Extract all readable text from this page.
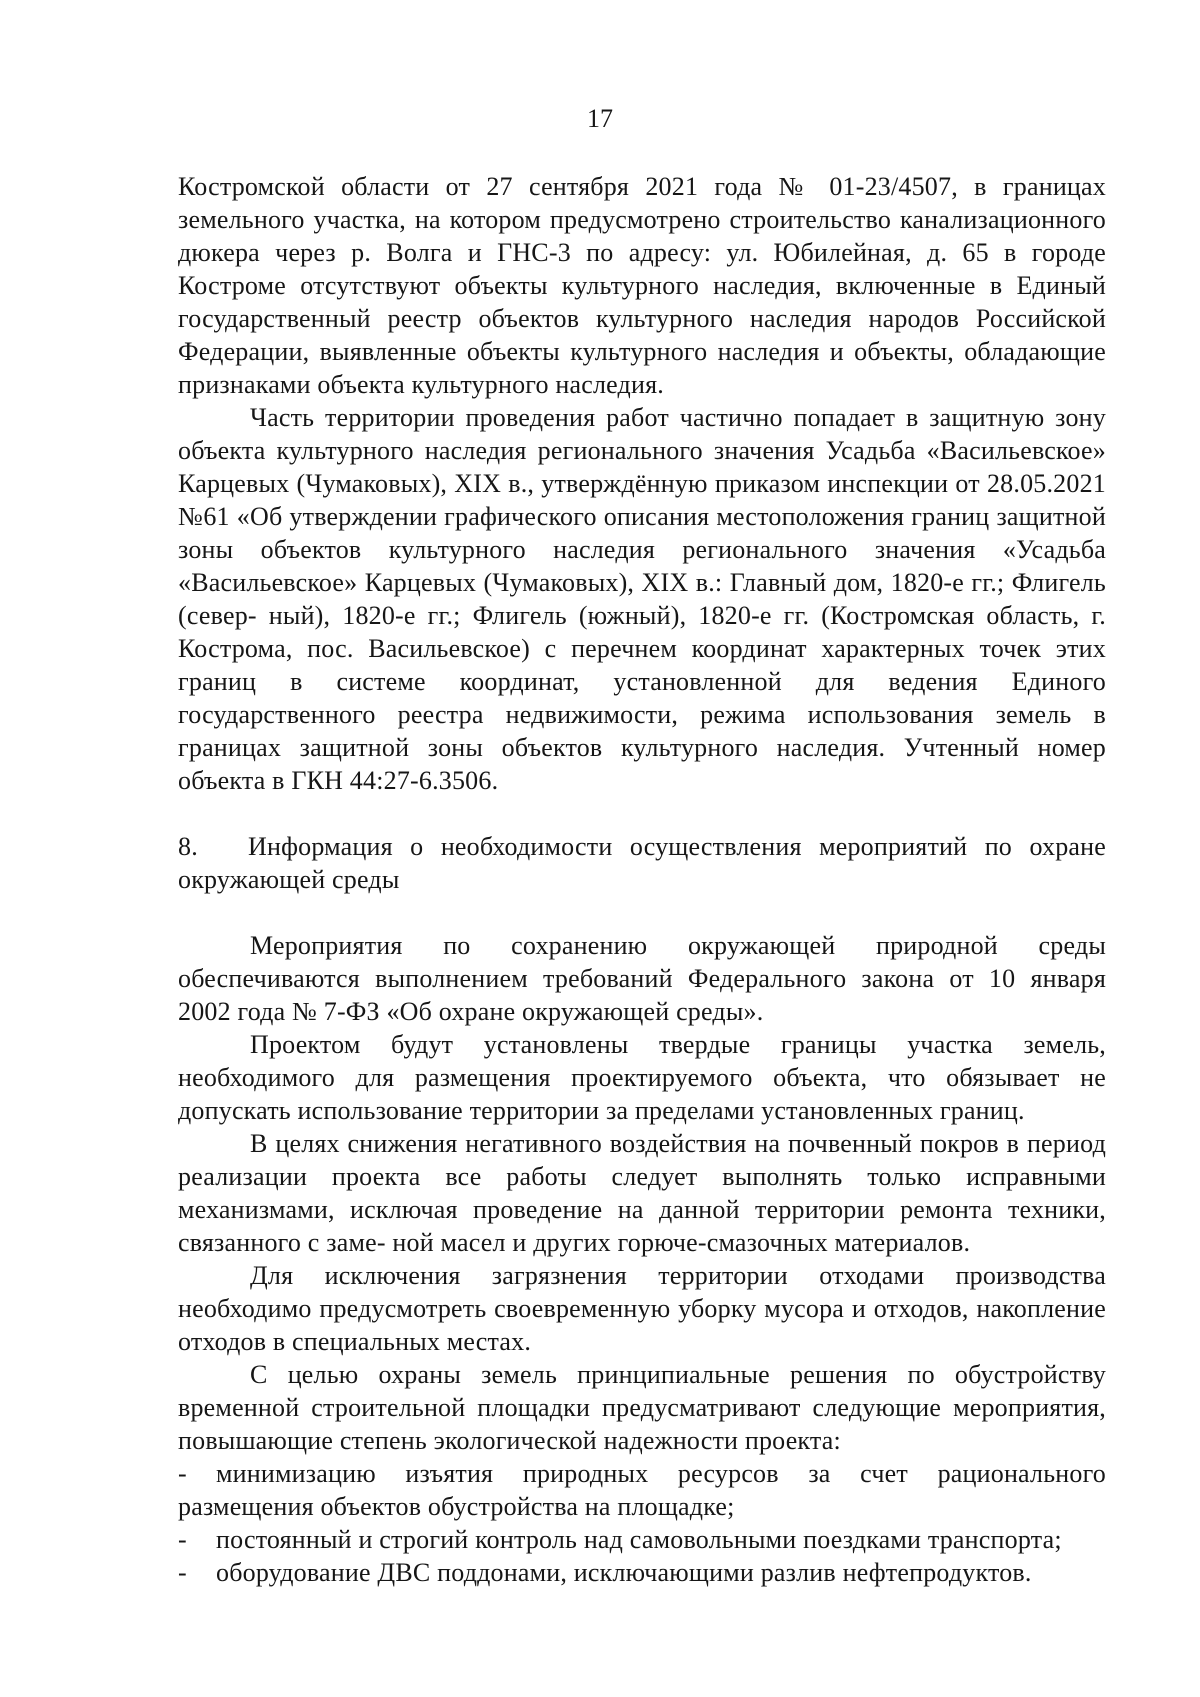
17

Костромской области от 27 сентября 2021 года № 01-23/4507, в границах земельного участка, на котором предусмотрено строительство канализационного дюкера через р. Волга и ГНС-3 по адресу: ул. Юбилейная, д. 65 в городе Костроме отсутствуют объекты культурного наследия, включенные в Единый государственный реестр объектов культурного наследия народов Российской Федерации, выявленные объекты культурного наследия и объекты, обладающие признаками объекта культурного наследия.

Часть территории проведения работ частично попадает в защитную зону объекта культурного наследия регионального значения Усадьба «Васильевское» Карцевых (Чумаковых), XIX в., утверждённую приказом инспекции от 28.05.2021 №61 «Об утверждении графического описания местоположения границ защитной зоны объектов культурного наследия регионального значения «Усадьба «Васильевское» Карцевых (Чумаковых), XIX в.: Главный дом, 1820-е гг.; Флигель (север- ный), 1820-е гг.; Флигель (южный), 1820-е гг. (Костромская область, г. Кострома, пос. Васильевское) с перечнем координат характерных точек этих границ в системе координат, установленной для ведения Единого государственного реестра недвижимости, режима использования земель в границах защитной зоны объектов культурного наследия. Учтенный номер объекта в ГКН 44:27-6.3506.

8. Информация о необходимости осуществления мероприятий по охране окружающей среды

Мероприятия по сохранению окружающей природной среды обеспечиваются выполнением требований Федерального закона от 10 января 2002 года № 7-ФЗ «Об охране окружающей среды».

Проектом будут установлены твердые границы участка земель, необходимого для размещения проектируемого объекта, что обязывает не допускать использование территории за пределами установленных границ.

В целях снижения негативного воздействия на почвенный покров в период реализации проекта все работы следует выполнять только исправными механизмами, исключая проведение на данной территории ремонта техники, связанного с заме- ной масел и других горюче-смазочных материалов.

Для исключения загрязнения территории отходами производства необходимо предусмотреть своевременную уборку мусора и отходов, накопление отходов в специальных местах.

С целью охраны земель принципиальные решения по обустройству временной строительной площадки предусматривают следующие мероприятия, повышающие степень экологической надежности проекта:

- минимизацию изъятия природных ресурсов за счет рационального размещения объектов обустройства на площадке;

- постоянный и строгий контроль над самовольными поездками транспорта;

- оборудование ДВС поддонами, исключающими разлив нефтепродуктов.
